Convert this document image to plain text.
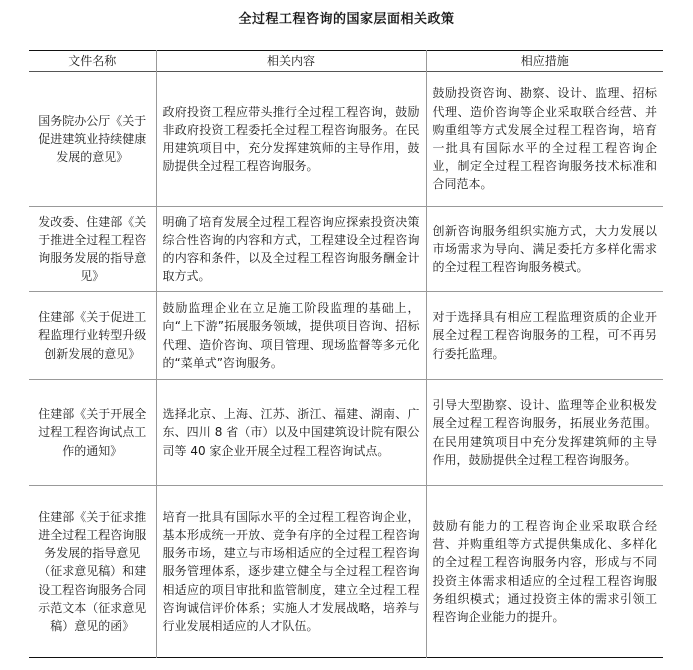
全过程工程咨询的国家层面相关政策
文件名称	相关内容	相应措施
国务院办公厅《关于促进建筑业持续健康发展的意见》	政府投资工程应带头推行全过程工程咨询，鼓励非政府投资工程委托全过程工程咨询服务。在民用建筑项目中，充分发挥建筑师的主导作用，鼓励提供全过程工程咨询服务。	鼓励投资咨询、勘察、设计、监理、招标代理、造价咨询等企业采取联合经营、并购重组等方式发展全过程工程咨询，培育一批具有国际水平的全过程工程咨询企业，制定全过程工程咨询服务技术标准和合同范本。
发改委、住建部《关于推进全过程工程咨询服务发展的指导意见》	明确了培育发展全过程工程咨询应探索投资决策综合性咨询的内容和方式，工程建设全过程咨询的内容和条件，以及全过程工程咨询服务酬金计取方式。	创新咨询服务组织实施方式，大力发展以市场需求为导向、满足委托方多样化需求的全过程工程咨询服务模式。
住建部《关于促进工程监理行业转型升级创新发展的意见》	鼓励监理企业在立足施工阶段监理的基础上，向“上下游”拓展服务领域，提供项目咨询、招标代理、造价咨询、项目管理、现场监督等多元化的“菜单式”咨询服务。	对于选择具有相应工程监理资质的企业开展全过程工程咨询服务的工程，可不再另行委托监理。
住建部《关于开展全过程工程咨询试点工作的通知》	选择北京、上海、江苏、浙江、福建、湖南、广东、四川 8 省（市）以及中国建筑设计院有限公司等 40 家企业开展全过程工程咨询试点。	引导大型勘察、设计、监理等企业积极发展全过程工程咨询服务，拓展业务范围。在民用建筑项目中充分发挥建筑师的主导作用，鼓励提供全过程工程咨询服务。
住建部《关于征求推进全过程工程咨询服务发展的指导意见（征求意见稿）和建设工程咨询服务合同示范文本（征求意见稿）意见的函》	培育一批具有国际水平的全过程工程咨询企业，基本形成统一开放、竞争有序的全过程工程咨询服务市场，建立与市场相适应的全过程工程咨询服务管理体系，逐步建立健全与全过程工程咨询相适应的项目审批和监管制度，建立全过程工程咨询诚信评价体系；实施人才发展战略，培养与行业发展相适应的人才队伍。	鼓励有能力的工程咨询企业采取联合经营、并购重组等方式提供集成化、多样化的全过程工程咨询服务内容，形成与不同投资主体需求相适应的全过程工程咨询服务组织模式；通过投资主体的需求引领工程咨询企业能力的提升。
